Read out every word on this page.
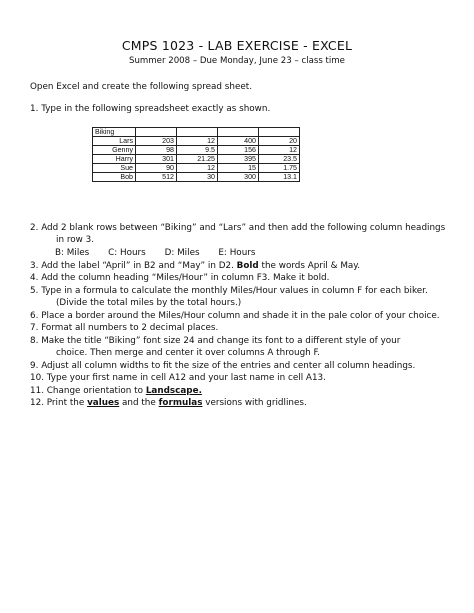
CMPS 1023 - LAB EXERCISE - EXCEL
Summer 2008 – Due Monday, June 23 – class time
Open Excel and create the following spread sheet.
1. Type in the following spreadsheet exactly as shown.
Biking				
Lars	203	12	400	20
Genny	98	9.5	156	12
Harry	301	21.25	395	23.5
Sue	90	12	15	1.75
Bob	512	30	300	13.1
2. Add 2 blank rows between “Biking” and “Lars” and then add the following column headings
in row 3.
B: Miles C: Hours D: Miles E: Hours
3. Add the label “April” in B2 and “May” in D2. Bold the words April & May.
4. Add the column heading “Miles/Hour” in column F3. Make it bold.
5. Type in a formula to calculate the monthly Miles/Hour values in column F for each biker.
(Divide the total miles by the total hours.)
6. Place a border around the Miles/Hour column and shade it in the pale color of your choice.
7. Format all numbers to 2 decimal places.
8. Make the title “Biking” font size 24 and change its font to a different style of your
choice. Then merge and center it over columns A through F.
9. Adjust all column widths to fit the size of the entries and center all column headings.
10. Type your first name in cell A12 and your last name in cell A13.
11. Change orientation to Landscape.
12. Print the values and the formulas versions with gridlines.
